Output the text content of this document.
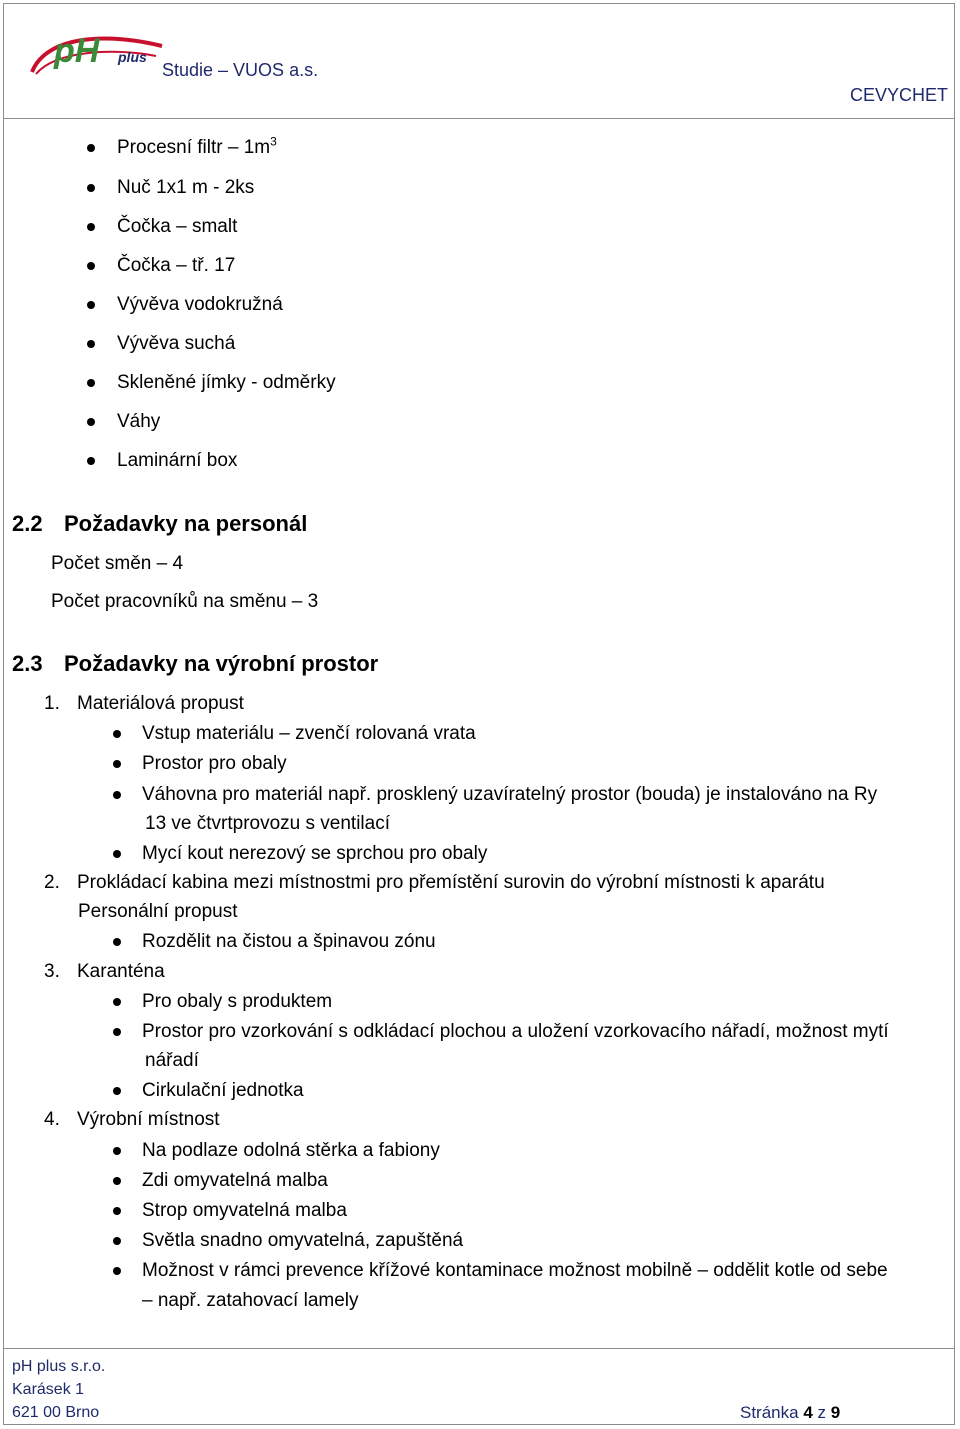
pH plus
Studie – VUOS a.s.
CEVYCHET
Procesní filtr – $1m^3$
Nuč 1x1 m - 2ks
Čočka – smalt
Čočka – tř. 17
Vývěva vodokružná
Vývěva suchá
Skleněné jímky - odměrky
Váhy
Laminární box
2.2 Požadavky na personál
Počet směn – 4
Počet pracovníků na směnu – 3
2.3 Požadavky na výrobní prostor
1. Materiálová propust
Vstup materiálu – zvenčí rolovaná vrata
Prostor pro obaly
Váhovna pro materiál např. prosklený uzavíratelný prostor (bouda) je instalováno na Ry
13 ve čtvrtprovozu s ventilací
Mycí kout nerezový se sprchou pro obaly
2. Prokládací kabina mezi místnostmi pro přemístění surovin do výrobní místnosti k aparátu
Personální propust
Rozdělit na čistou a špinavou zónu
3. Karanténa
Pro obaly s produktem
Prostor pro vzorkování s odkládací plochou a uložení vzorkovacího nářadí, možnost mytí
nářadí
Cirkulační jednotka
4. Výrobní místnost
Na podlaze odolná stěrka a fabiony
Zdi omyvatelná malba
Strop omyvatelná malba
Světla snadno omyvatelná, zapuštěná
Možnost v rámci prevence křížové kontaminace možnost mobilně – oddělit kotle od sebe
– např. zatahovací lamely
pH plus s.r.o.
Karásek 1
621 00 Brno	Stránka 4 z 9
